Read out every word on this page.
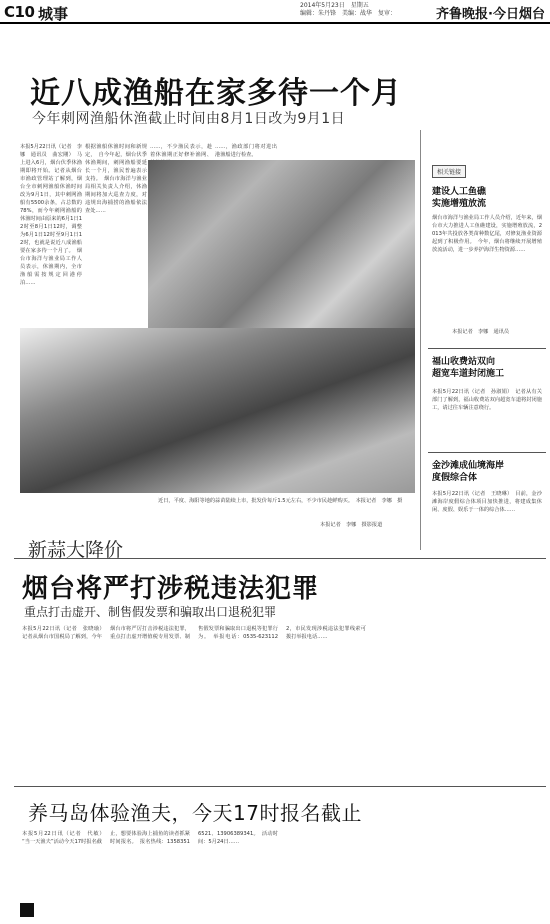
C10 城事	2014年5月23日　星期五
编辑：朱丹锋　美编：战华　复审：	齐鲁晚报·今日烟台
近八成渔船在家多待一个月
今年刺网渔船休渔截止时间由8月1日改为9月1日
本报5月22日讯（记者　李娜　通讯员　曲宏剛）　马上进入6月，烟台伏季休渔期即将开始。记者从烟台市渔政管理站了解到，烟台全市刺网渔船休渔时间改为9月1日，其中刺网渔船有5500余条，占总数的78%，而今年刺网渔船的休渔时间由原来的6月1日12时至8月1日12时，调整为6月1日12时至9月1日12时，也就是说近八成渔船要在家多待一个月了。　烟台市海洋与渔业局工作人员表示，休渔期内，全市渔船需按规定回港停泊……
根据渔船休渔时间和新规定，　自今年起，烟台伏季休渔期间，刺网渔船要延长一个月，渔民普遍表示支持。　烟台市海洋与渔业局相关负责人介绍，休渔期间将加大巡查力度，对违规出海捕捞的渔船依法查处……
……，不少渔民表示，趁着休渔期正好修补渔网、
……，渔政部门将对进出港渔船进行检查。
近日，平度、海阳等地的蒜苗陆续上市，批发价每斤1.5元左右，不少市民趁鲜购买。　本报记者　李娜　摄
本报记者　李娜　摄影报道
新蒜大降价
相关链接
建设人工鱼礁
实施增殖放流
烟台市海洋与渔业局工作人员介绍，近年来，烟台市大力推进人工鱼礁建设，实施增殖放流，2013年共投放各类苗种数亿尾，对修复渔业资源起到了积极作用。　今年，烟台将继续开展增殖放流活动，进一步养护海洋生物资源……
本报记者　李娜　通讯员
福山收费站双向
超宽车道封闭施工
本报5月22日讯（记者　孙淑娟）　记者从有关部门了解到，福山收费站双向超宽车道将封闭施工，请过往车辆注意绕行。
金沙滩成仙境海岸
度假综合体
本报5月22日讯（记者　王晓琳）　目前，金沙滩海岸度假综合体项目加快推进，将建成集休闲、度假、娱乐于一体的综合体……
烟台将严打涉税违法犯罪
重点打击虚开、制售假发票和骗取出口退税犯罪
本报5月22日讯（记者　张晓瑜）　记者从烟台市国税局了解到，今年烟台市将严厉打击涉税违法犯罪，重点打击虚开增值税专用发票、制售假发票和骗取出口退税等犯罪行为。　举报电话：0535-6231122，市民发现涉税违法犯罪线索可拨打举报电话……
养马岛体验渔夫，今天17时报名截止
本报5月22日讯（记者　代敏）　“当一天渔夫”活动今天17时报名截止，想要体验海上捕鱼的读者抓紧时间报名。　报名热线：13583516521、13906389341。　活动时间：5月24日……
